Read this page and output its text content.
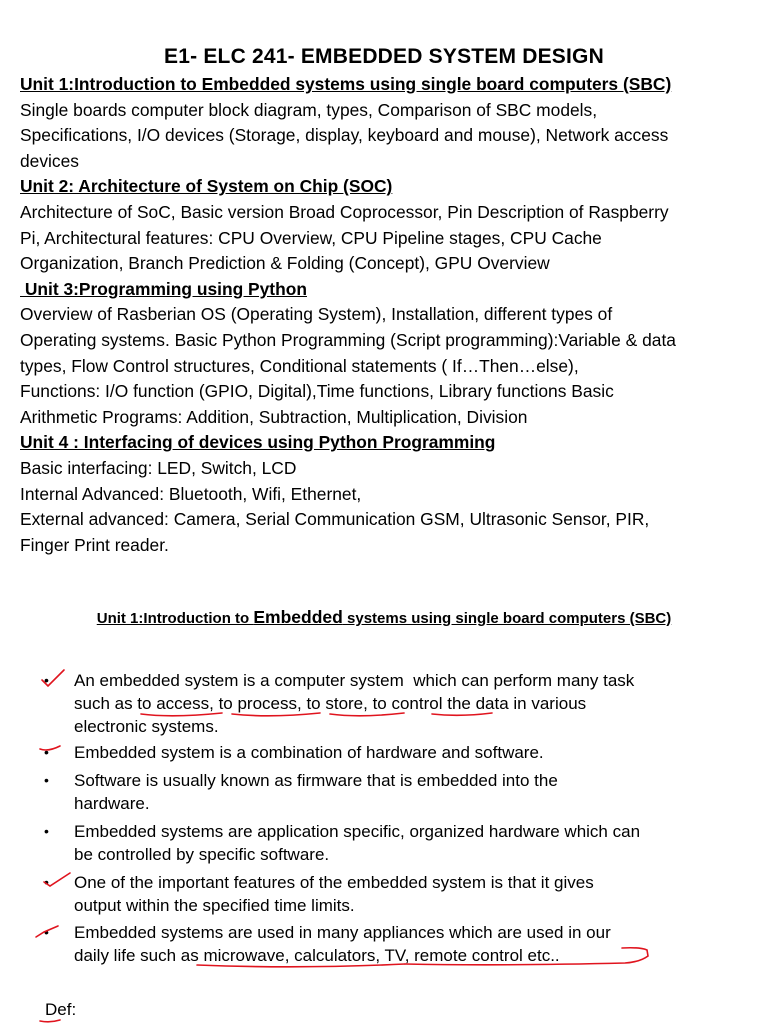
E1- ELC 241- EMBEDDED SYSTEM DESIGN
Unit 1:Introduction to Embedded systems using single board computers (SBC)
Single boards computer block diagram, types, Comparison of SBC models,
Specifications, I/O devices (Storage, display, keyboard and mouse), Network access
devices
Unit 2: Architecture of System on Chip (SOC)
Architecture of SoC, Basic version Broad Coprocessor, Pin Description of Raspberry
Pi, Architectural features: CPU Overview, CPU Pipeline stages, CPU Cache
Organization, Branch Prediction & Folding (Concept), GPU Overview
Unit 3:Programming using Python
Overview of Rasberian OS (Operating System), Installation, different types of
Operating systems. Basic Python Programming (Script programming):Variable & data
types, Flow Control structures, Conditional statements ( If…Then…else),
Functions: I/O function (GPIO, Digital),Time functions, Library functions Basic
Arithmetic Programs: Addition, Subtraction, Multiplication, Division
Unit 4 : Interfacing of devices using Python Programming
Basic interfacing: LED, Switch, LCD
Internal Advanced: Bluetooth, Wifi, Ethernet,
External advanced: Camera, Serial Communication GSM, Ultrasonic Sensor, PIR,
Finger Print reader.
Unit 1:Introduction to Embedded systems using single board computers (SBC)
• An embedded system is a computer system  which can perform many task
such as to access, to process, to store, to control the data in various
electronic systems.
• Embedded system is a combination of hardware and software.
• Software is usually known as firmware that is embedded into the
hardware.
• Embedded systems are application specific, organized hardware which can
be controlled by specific software.
• One of the important features of the embedded system is that it gives
output within the specified time limits.
• Embedded systems are used in many appliances which are used in our
daily life such as microwave, calculators, TV, remote control etc..
Def:
